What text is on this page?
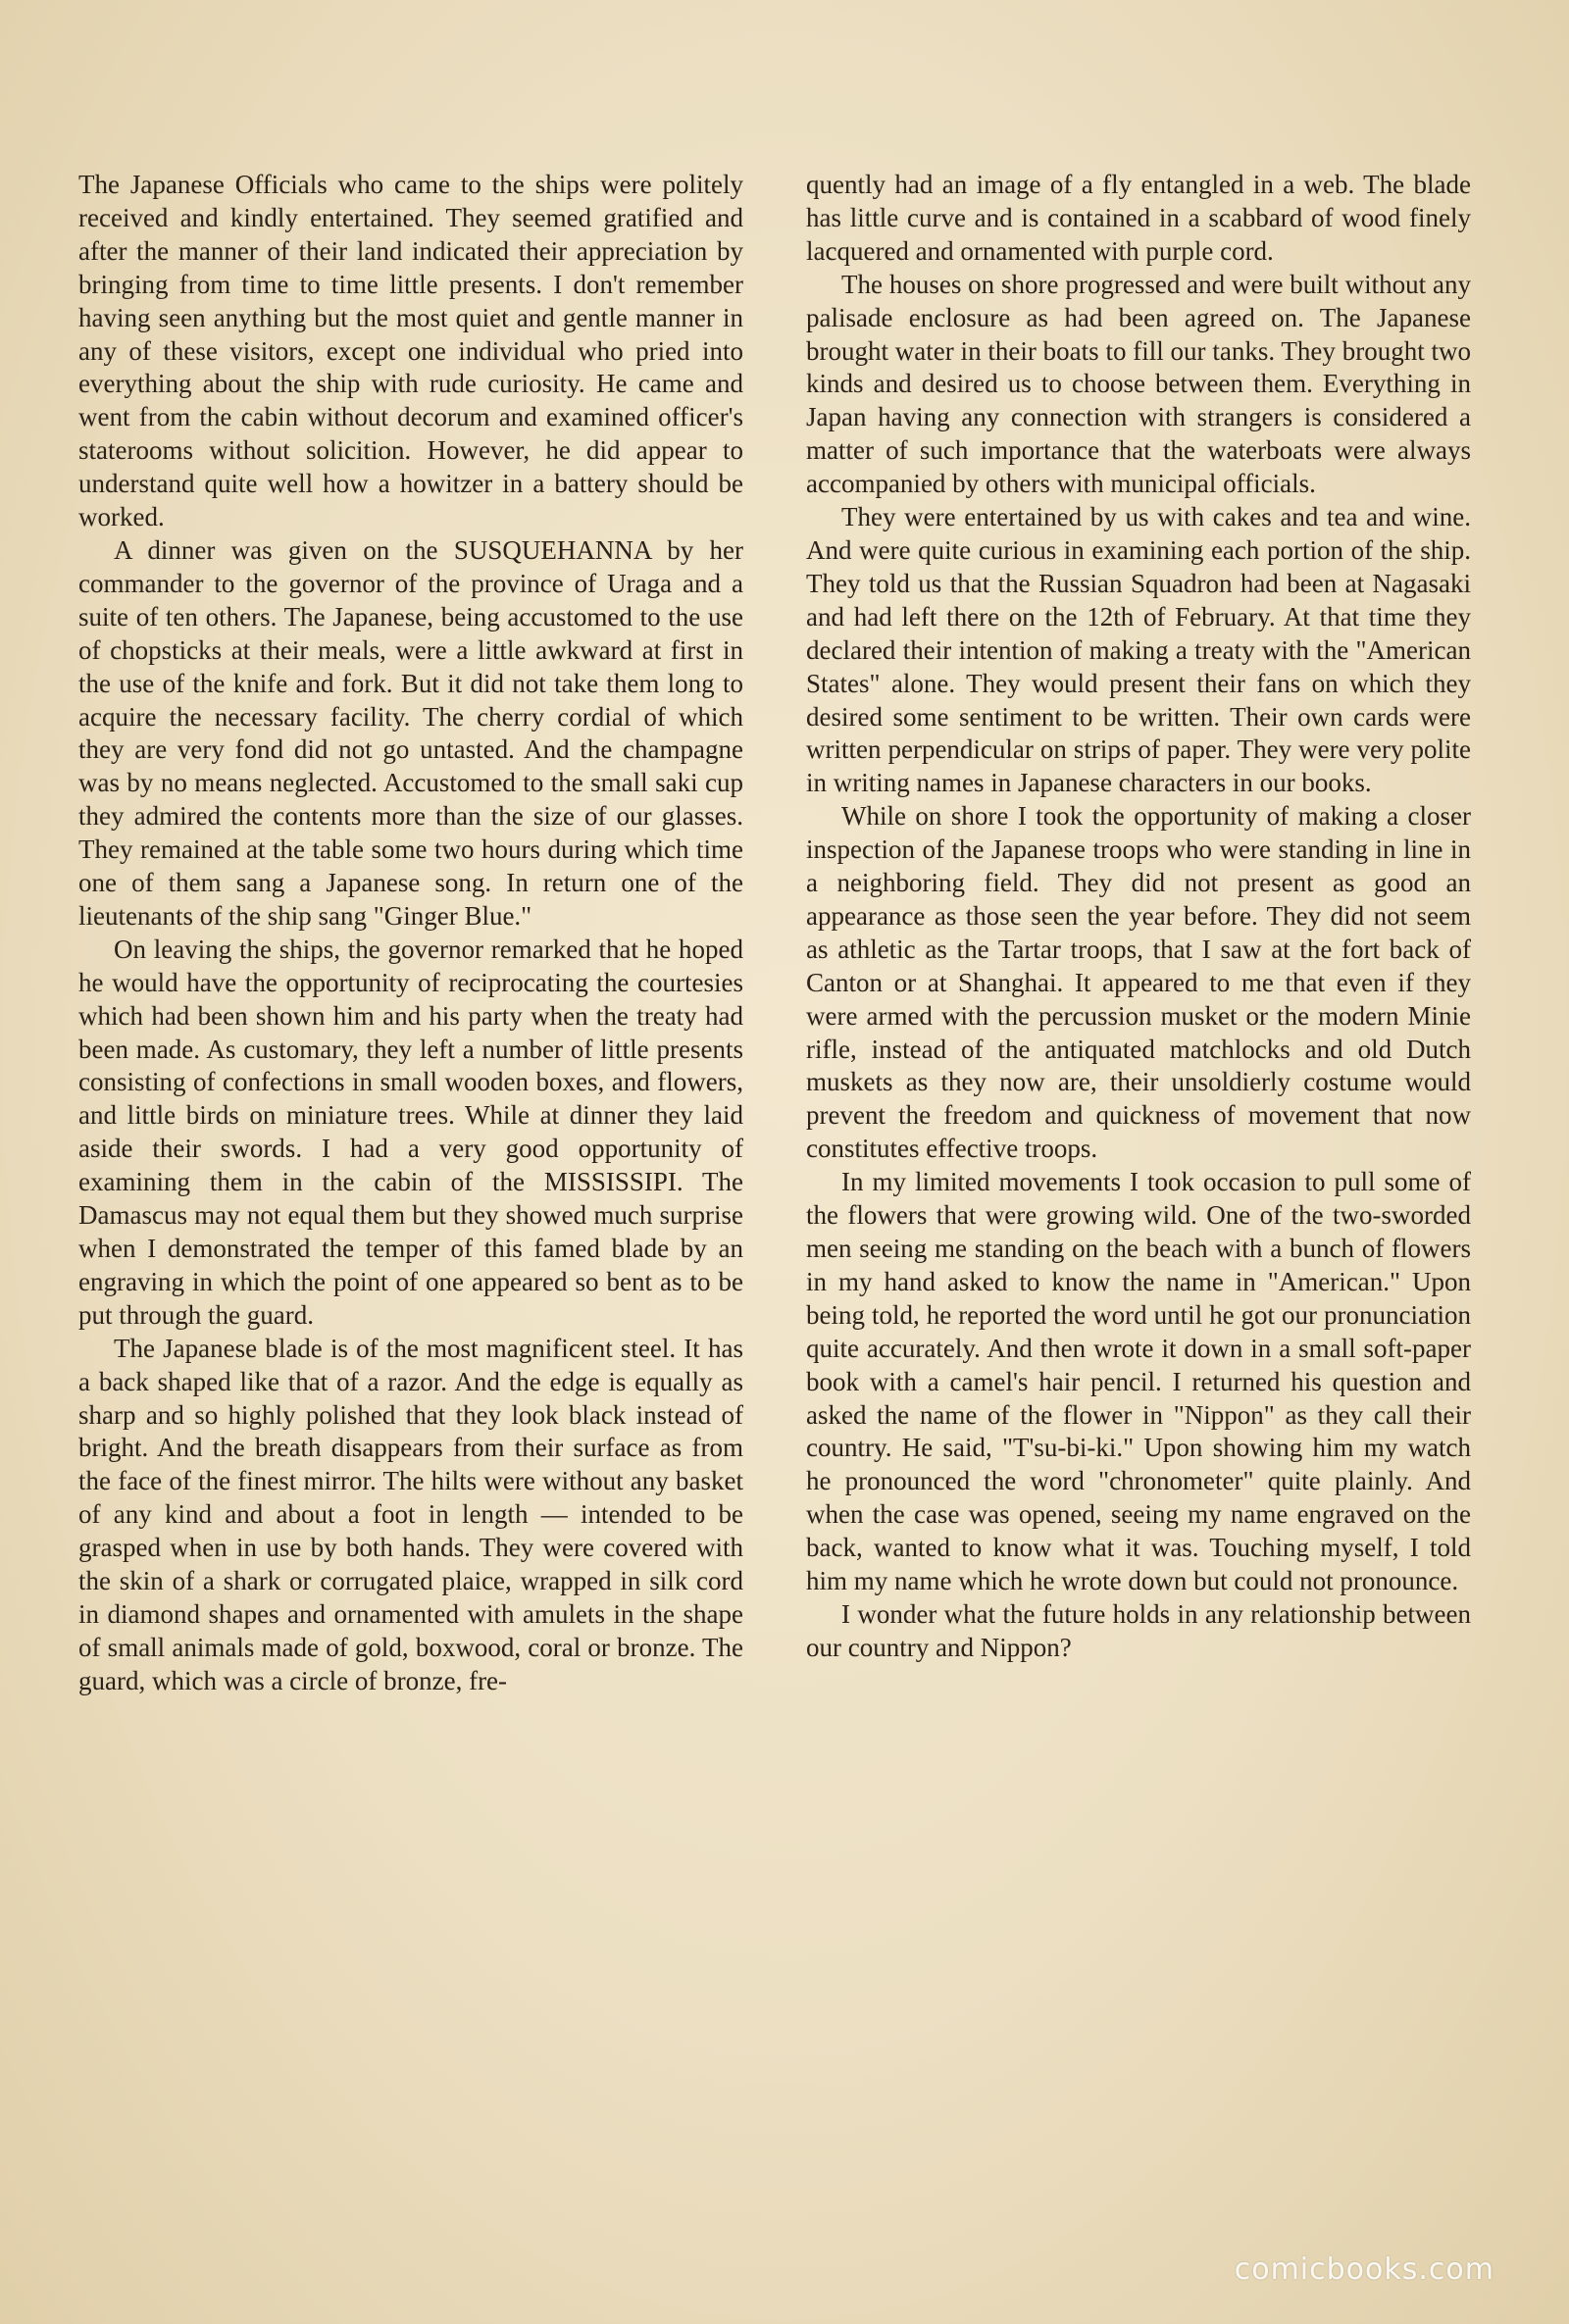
The Japanese Officials who came to the ships were politely received and kindly entertained. They seemed gratified and after the manner of their land indicated their appreciation by bringing from time to time little presents. I don't remember having seen anything but the most quiet and gentle manner in any of these visitors, except one individual who pried into everything about the ship with rude curiosity. He came and went from the cabin without decorum and examined officer's staterooms without solicition. However, he did appear to understand quite well how a howitzer in a battery should be worked.

A dinner was given on the SUSQUEHANNA by her commander to the governor of the province of Uraga and a suite of ten others. The Japanese, being accustomed to the use of chopsticks at their meals, were a little awkward at first in the use of the knife and fork. But it did not take them long to acquire the necessary facility. The cherry cordial of which they are very fond did not go untasted. And the champagne was by no means neglected. Accustomed to the small saki cup they admired the contents more than the size of our glasses. They remained at the table some two hours during which time one of them sang a Japanese song. In return one of the lieutenants of the ship sang "Ginger Blue."

On leaving the ships, the governor remarked that he hoped he would have the opportunity of reciprocating the courtesies which had been shown him and his party when the treaty had been made. As customary, they left a number of little presents consisting of confections in small wooden boxes, and flowers, and little birds on miniature trees. While at dinner they laid aside their swords. I had a very good opportunity of examining them in the cabin of the MISSISSIPI. The Damascus may not equal them but they showed much surprise when I demonstrated the temper of this famed blade by an engraving in which the point of one appeared so bent as to be put through the guard.

The Japanese blade is of the most magnificent steel. It has a back shaped like that of a razor. And the edge is equally as sharp and so highly polished that they look black instead of bright. And the breath disappears from their surface as from the face of the finest mirror. The hilts were without any basket of any kind and about a foot in length — intended to be grasped when in use by both hands. They were covered with the skin of a shark or corrugated plaice, wrapped in silk cord in diamond shapes and ornamented with amulets in the shape of small animals made of gold, boxwood, coral or bronze. The guard, which was a circle of bronze, fre-

quently had an image of a fly entangled in a web. The blade has little curve and is contained in a scabbard of wood finely lacquered and ornamented with purple cord.

The houses on shore progressed and were built without any palisade enclosure as had been agreed on. The Japanese brought water in their boats to fill our tanks. They brought two kinds and desired us to choose between them. Everything in Japan having any connection with strangers is considered a matter of such importance that the waterboats were always accompanied by others with municipal officials.

They were entertained by us with cakes and tea and wine. And were quite curious in examining each portion of the ship. They told us that the Russian Squadron had been at Nagasaki and had left there on the 12th of February. At that time they declared their intention of making a treaty with the "American States" alone. They would present their fans on which they desired some sentiment to be written. Their own cards were written perpendicular on strips of paper. They were very polite in writing names in Japanese characters in our books.

While on shore I took the opportunity of making a closer inspection of the Japanese troops who were standing in line in a neighboring field. They did not present as good an appearance as those seen the year before. They did not seem as athletic as the Tartar troops, that I saw at the fort back of Canton or at Shanghai. It appeared to me that even if they were armed with the percussion musket or the modern Minie rifle, instead of the antiquated matchlocks and old Dutch muskets as they now are, their unsoldierly costume would prevent the freedom and quickness of movement that now constitutes effective troops.

In my limited movements I took occasion to pull some of the flowers that were growing wild. One of the two-sworded men seeing me standing on the beach with a bunch of flowers in my hand asked to know the name in "American." Upon being told, he reported the word until he got our pronunciation quite accurately. And then wrote it down in a small soft-paper book with a camel's hair pencil. I returned his question and asked the name of the flower in "Nippon" as they call their country. He said, "T'su-bi-ki." Upon showing him my watch he pronounced the word "chronometer" quite plainly. And when the case was opened, seeing my name engraved on the back, wanted to know what it was. Touching myself, I told him my name which he wrote down but could not pronounce.

I wonder what the future holds in any relationship between our country and Nippon?

comicbooks.com
